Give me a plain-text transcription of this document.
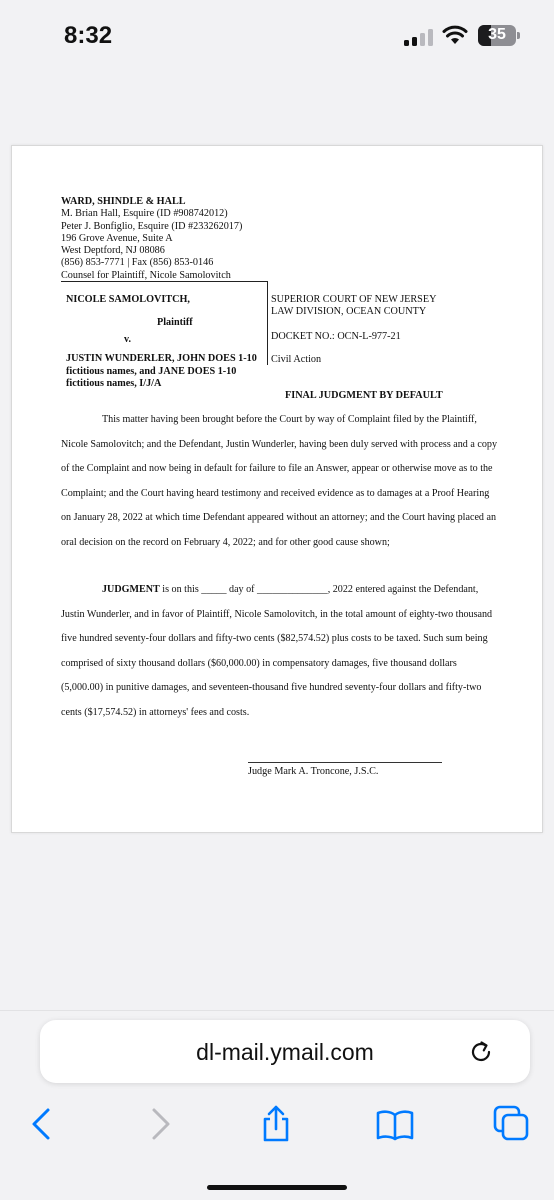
8:32	35
WARD, SHINDLE & HALL
M. Brian Hall, Esquire (ID #908742012)
Peter J. Bonfiglio, Esquire (ID #233262017)
196 Grove Avenue, Suite A
West Deptford, NJ 08086
(856) 853-7771 | Fax (856) 853-0146
Counsel for Plaintiff, Nicole Samolovitch
NICOLE SAMOLOVITCH,
Plaintiff
v.
JUSTIN WUNDERLER, JOHN DOES 1-10 fictitious names, and JANE DOES 1-10 fictitious names, I/J/A
SUPERIOR COURT OF NEW JERSEY
LAW DIVISION, OCEAN COUNTY
DOCKET NO.: OCN-L-977-21
Civil Action
FINAL JUDGMENT BY DEFAULT
This matter having been brought before the Court by way of Complaint filed by the Plaintiff, Nicole Samolovitch; and the Defendant, Justin Wunderler, having been duly served with process and a copy of the Complaint and now being in default for failure to file an Answer, appear or otherwise move as to the Complaint; and the Court having heard testimony and received evidence as to damages at a Proof Hearing on January 28, 2022 at which time Defendant appeared without an attorney; and the Court having placed an oral decision on the record on February 4, 2022; and for other good cause shown;
JUDGMENT is on this _____ day of ______________, 2022 entered against the Defendant, Justin Wunderler, and in favor of Plaintiff, Nicole Samolovitch, in the total amount of eighty-two thousand five hundred seventy-four dollars and fifty-two cents ($82,574.52) plus costs to be taxed. Such sum being comprised of sixty thousand dollars ($60,000.00) in compensatory damages, five thousand dollars (5,000.00) in punitive damages, and seventeen-thousand five hundred seventy-four dollars and fifty-two cents ($17,574.52) in attorneys' fees and costs.
Judge Mark A. Troncone, J.S.C.
dl-mail.ymail.com
